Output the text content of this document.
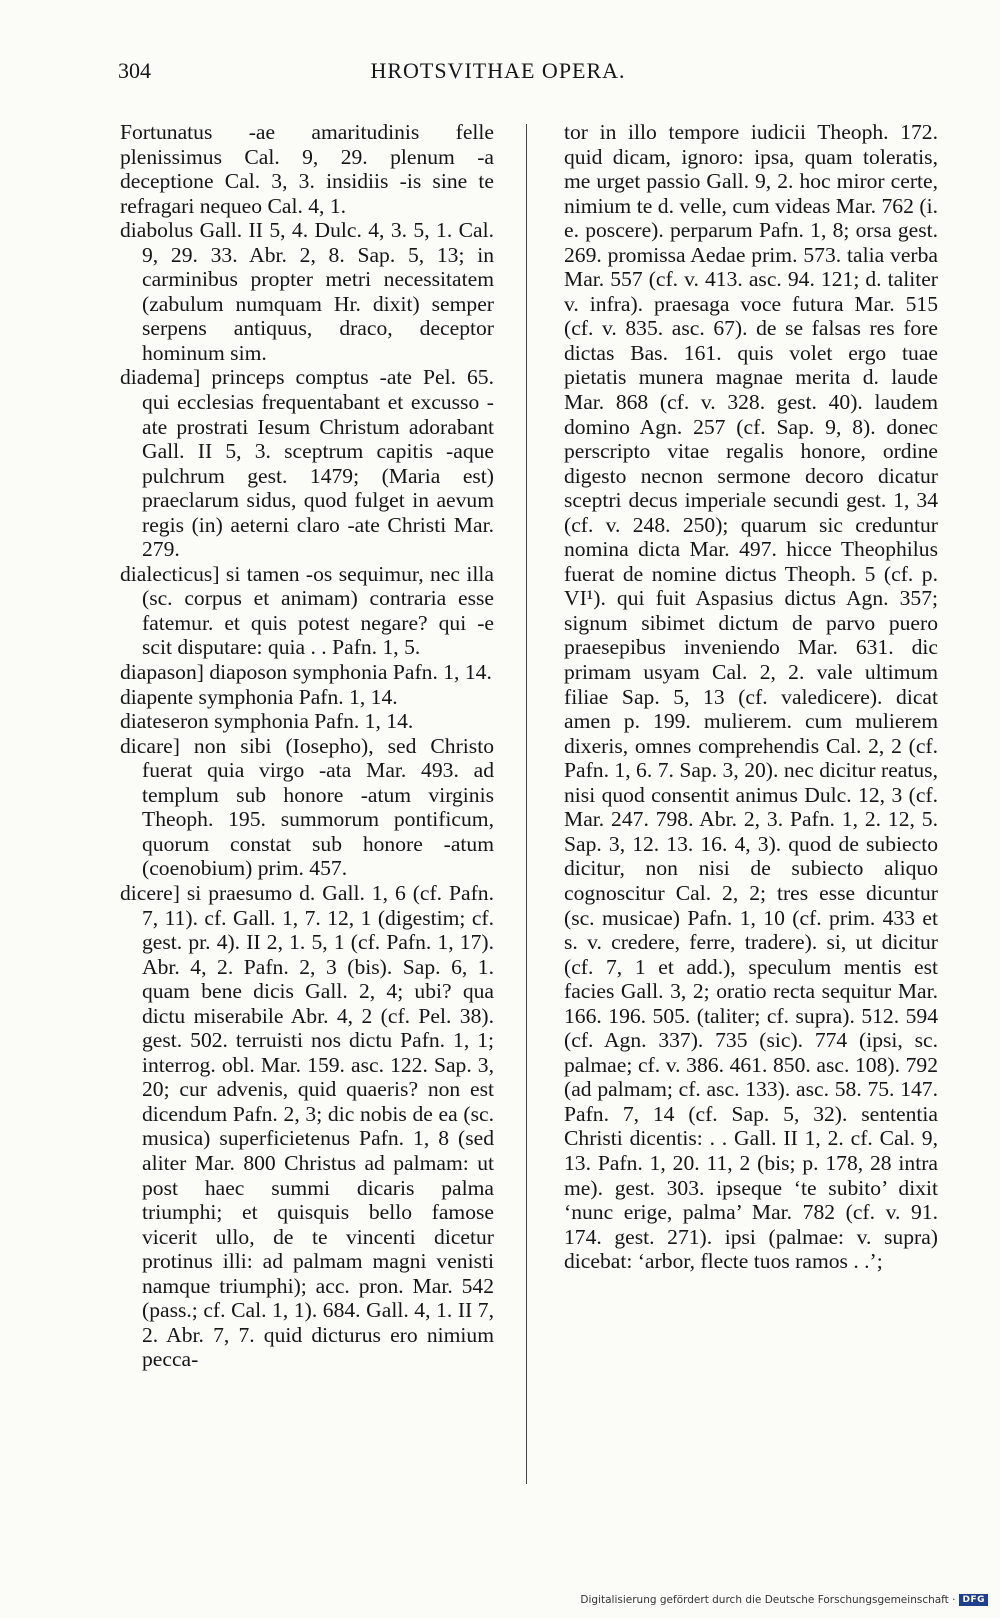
304	HROTSVITHAE OPERA.

Fortunatus -ae amaritudinis felle plenissimus Cal. 9, 29. plenum -a deceptione Cal. 3, 3. insidiis -is sine te refragari nequeo Cal. 4, 1.

diabolus Gall. II 5, 4. Dulc. 4, 3. 5, 1. Cal. 9, 29. 33. Abr. 2, 8. Sap. 5, 13; in carminibus propter metri necessitatem (zabulum numquam Hr. dixit) semper serpens antiquus, draco, deceptor hominum sim.

diadema] princeps comptus -ate Pel. 65. qui ecclesias frequentabant et excusso -ate prostrati Iesum Christum adorabant Gall. II 5, 3. sceptrum capitis -aque pulchrum gest. 1479; (Maria est) praeclarum sidus, quod fulget in aevum regis (in) aeterni claro -ate Christi Mar. 279.

dialecticus] si tamen -os sequimur, nec illa (sc. corpus et animam) contraria esse fatemur. et quis potest negare? qui -e scit disputare: quia . . Pafn. 1, 5.

diapason] diaposon symphonia Pafn. 1, 14.

diapente symphonia Pafn. 1, 14.

diateseron symphonia Pafn. 1, 14.

dicare] non sibi (Iosepho), sed Christo fuerat quia virgo -ata Mar. 493. ad templum sub honore -atum virginis Theoph. 195. summorum pontificum, quorum constat sub honore -atum (coenobium) prim. 457.

dicere] si praesumo d. Gall. 1, 6 (cf. Pafn. 7, 11). cf. Gall. 1, 7. 12, 1 (digestim; cf. gest. pr. 4). II 2, 1. 5, 1 (cf. Pafn. 1, 17). Abr. 4, 2. Pafn. 2, 3 (bis). Sap. 6, 1. quam bene dicis Gall. 2, 4; ubi? qua dictu miserabile Abr. 4, 2 (cf. Pel. 38). gest. 502. terruisti nos dictu Pafn. 1, 1; interrog. obl. Mar. 159. asc. 122. Sap. 3, 20; cur advenis, quid quaeris? non est dicendum Pafn. 2, 3; dic nobis de ea (sc. musica) superficietenus Pafn. 1, 8 (sed aliter Mar. 800 Christus ad palmam: ut post haec summi dicaris palma triumphi; et quisquis bello famose vicerit ullo, de te vincenti dicetur protinus illi: ad palmam magni venisti namque triumphi); acc. pron. Mar. 542 (pass.; cf. Cal. 1, 1). 684. Gall. 4, 1. II 7, 2. Abr. 7, 7. quid dicturus ero nimium pecca-

tor in illo tempore iudicii Theoph. 172. quid dicam, ignoro: ipsa, quam toleratis, me urget passio Gall. 9, 2. hoc miror certe, nimium te d. velle, cum videas Mar. 762 (i. e. poscere). perparum Pafn. 1, 8; orsa gest. 269. promissa Aedae prim. 573. talia verba Mar. 557 (cf. v. 413. asc. 94. 121; d. taliter v. infra). praesaga voce futura Mar. 515 (cf. v. 835. asc. 67). de se falsas res fore dictas Bas. 161. quis volet ergo tuae pietatis munera magnae merita d. laude Mar. 868 (cf. v. 328. gest. 40). laudem domino Agn. 257 (cf. Sap. 9, 8). donec perscripto vitae regalis honore, ordine digesto necnon sermone decoro dicatur sceptri decus imperiale secundi gest. 1, 34 (cf. v. 248. 250); quarum sic creduntur nomina dicta Mar. 497. hicce Theophilus fuerat de nomine dictus Theoph. 5 (cf. p. VI¹). qui fuit Aspasius dictus Agn. 357; signum sibimet dictum de parvo puero praesepibus inveniendo Mar. 631. dic primam usyam Cal. 2, 2. vale ultimum filiae Sap. 5, 13 (cf. valedicere). dicat amen p. 199. mulierem. cum mulierem dixeris, omnes comprehendis Cal. 2, 2 (cf. Pafn. 1, 6. 7. Sap. 3, 20). nec dicitur reatus, nisi quod consentit animus Dulc. 12, 3 (cf. Mar. 247. 798. Abr. 2, 3. Pafn. 1, 2. 12, 5. Sap. 3, 12. 13. 16. 4, 3). quod de subiecto dicitur, non nisi de subiecto aliquo cognoscitur Cal. 2, 2; tres esse dicuntur (sc. musicae) Pafn. 1, 10 (cf. prim. 433 et s. v. credere, ferre, tradere). si, ut dicitur (cf. 7, 1 et add.), speculum mentis est facies Gall. 3, 2; oratio recta sequitur Mar. 166. 196. 505. (taliter; cf. supra). 512. 594 (cf. Agn. 337). 735 (sic). 774 (ipsi, sc. palmae; cf. v. 386. 461. 850. asc. 108). 792 (ad palmam; cf. asc. 133). asc. 58. 75. 147. Pafn. 7, 14 (cf. Sap. 5, 32). sententia Christi dicentis: . . Gall. II 1, 2. cf. Cal. 9, 13. Pafn. 1, 20. 11, 2 (bis; p. 178, 28 intra me). gest. 303. ipseque ‘te subito’ dixit ‘nunc erige, palma’ Mar. 782 (cf. v. 91. 174. gest. 271). ipsi (palmae: v. supra) dicebat: ‘arbor, flecte tuos ramos . .’;

Digitalisierung gefördert durch die Deutsche Forschungsgemeinschaft · DFG
